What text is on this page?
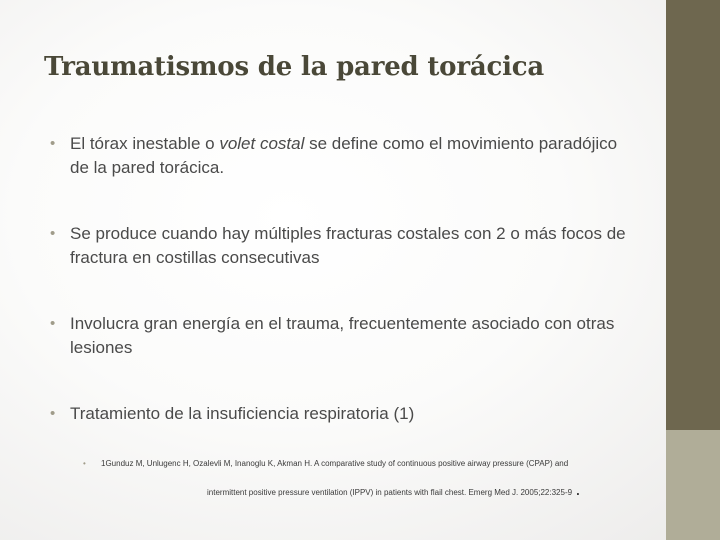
Traumatismos de la pared torácica
• El tórax inestable o volet costal se define como el movimiento paradójico de la pared torácica.
• Se produce cuando hay múltiples fracturas costales con 2 o más focos de fractura en costillas consecutivas
• Involucra gran energía en el trauma, frecuentemente asociado con otras lesiones
• Tratamiento de la insuficiencia respiratoria (1)
• 1Gunduz M, Unlugenc H, Ozalevli M, Inanoglu K, Akman H. A comparative study of continuous positive airway pressure (CPAP) and
intermittent positive pressure ventilation (IPPV) in patients with flail chest. Emerg Med J. 2005;22:325-9 .
